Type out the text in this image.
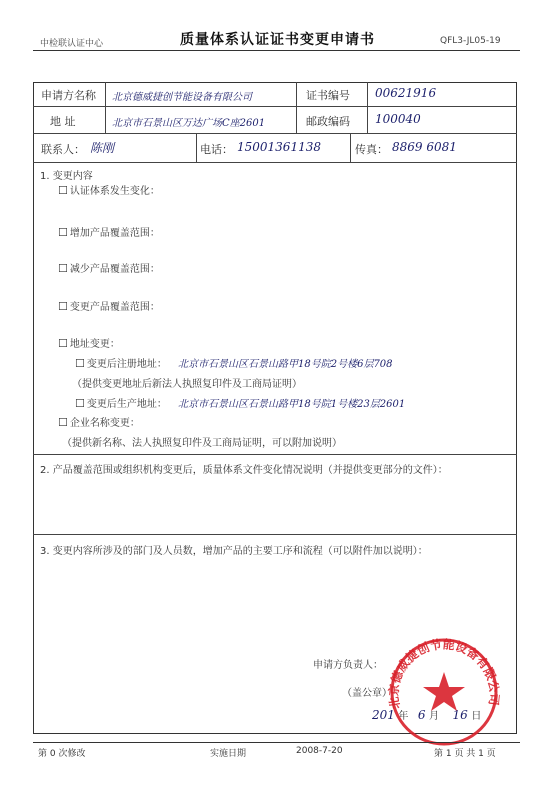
中检联认证中心	质量体系认证证书变更申请书	QFL3-JL05-19
申请方名称 北京德威捷创节能设备有限公司	证书编号 00621916
地 址	北京市石景山区万达广场C座2601	邮政编码 100040
联系人： 陈刚	电话： 15001361138	传真： 8869 6081
1. 变更内容
☐ 认证体系发生变化：
☐ 增加产品覆盖范围：
☐ 减少产品覆盖范围：
☐ 变更产品覆盖范围：
☐ 地址变更：
☐ 变更后注册地址： 北京市石景山区石景山路甲18号院2号楼6层708
（提供变更地址后新法人执照复印件及工商局证明）
☐ 变更后生产地址： 北京市石景山区石景山路甲18号院1号楼23层2601
☐ 企业名称变更：
（提供新名称、法人执照复印件及工商局证明，可以附加说明）
2. 产品覆盖范围或组织机构变更后，质量体系文件变化情况说明（并提供变更部分的文件）：
3. 变更内容所涉及的部门及人员数，增加产品的主要工序和流程（可以附件加以说明）：
申请方负责人：
（盖公章）
201 年 6 月 16 日
北京德威捷创节能设备有限公司
第 0 次修改	实施日期	2008-7-20	第 1 页 共 1 页
